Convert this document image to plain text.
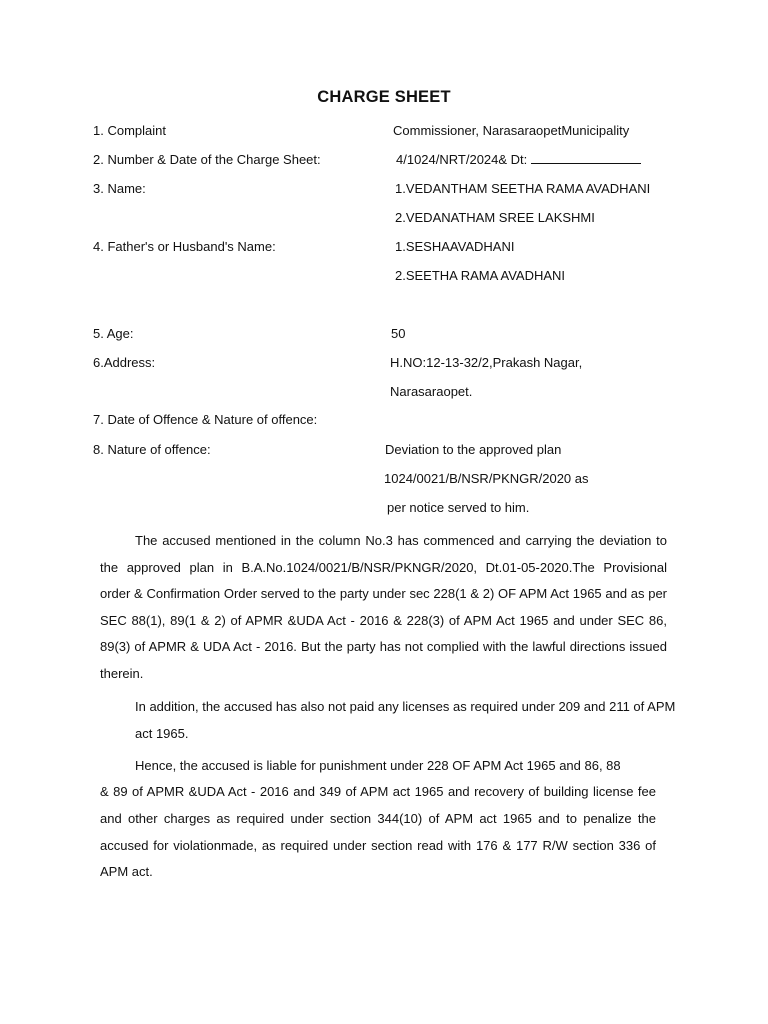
CHARGE SHEET
1. Complaint	Commissioner, NarasaraopetMunicipality
2. Number & Date of the Charge Sheet:	4/1024/NRT/2024& Dt:
3. Name:	1.VEDANTHAM SEETHA RAMA AVADHANI
2.VEDANATHAM SREE LAKSHMI
4. Father's or Husband's Name:	1.SESHAAVADHANI
2.SEETHA RAMA AVADHANI
5. Age:	50
6.Address:	H.NO:12-13-32/2,Prakash Nagar,
Narasaraopet.
7. Date of Offence & Nature of offence:
8. Nature of offence:	Deviation to the approved plan
1024/0021/B/NSR/PKNGR/2020 as
per notice served to him.
The accused mentioned in the column No.3 has commenced and carrying the deviation to the approved plan in B.A.No.1024/0021/B/NSR/PKNGR/2020, Dt.01-05-2020.The Provisional order & Confirmation Order served to the party under sec 228(1 & 2) OF APM Act 1965 and as per SEC 88(1), 89(1 & 2) of APMR &UDA Act - 2016 & 228(3) of APM Act 1965 and under SEC 86, 89(3) of APMR & UDA Act - 2016. But the party has not complied with the lawful directions issued therein.
In addition, the accused has also not paid any licenses as required under 209 and 211 of APM act 1965.
Hence, the accused is liable for punishment under 228 OF APM Act 1965 and 86, 88
& 89 of APMR &UDA Act - 2016 and 349 of APM act 1965 and recovery of building license fee and other charges as required under section 344(10) of APM act 1965 and to penalize the accused for violationmade, as required under section read with 176 & 177 R/W section 336 of APM act.
